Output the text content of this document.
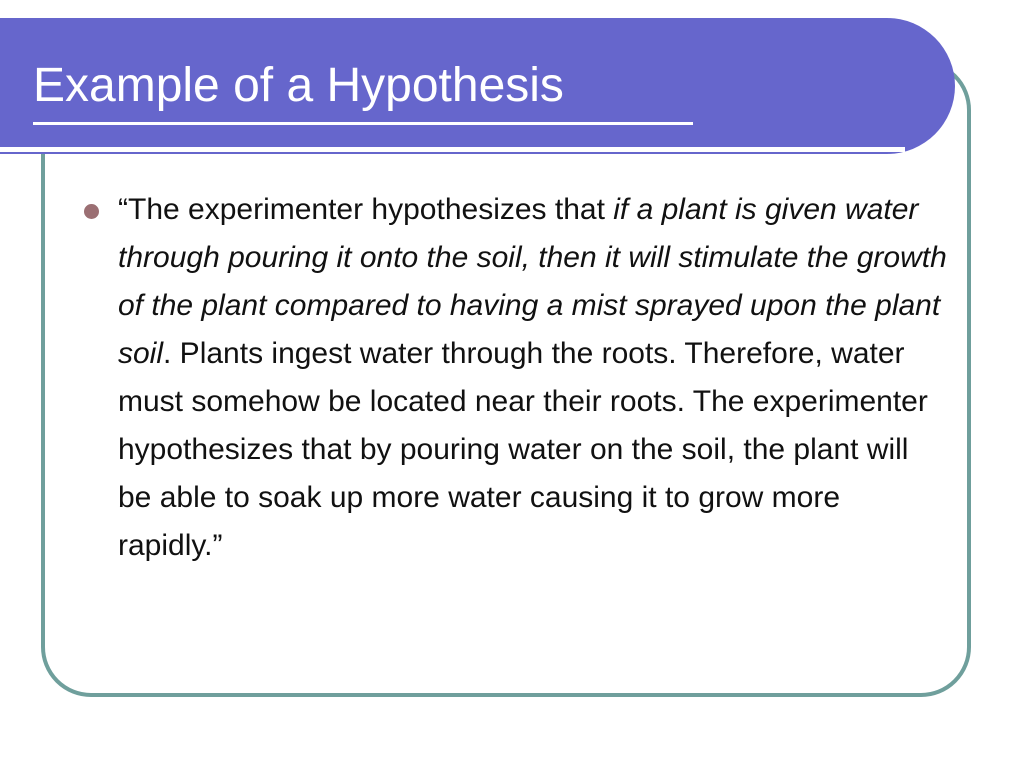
Example of a Hypothesis
“The experimenter hypothesizes that if a plant is given water through pouring it onto the soil, then it will stimulate the growth of the plant compared to having a mist sprayed upon the plant soil. Plants ingest water through the roots. Therefore, water must somehow be located near their roots. The experimenter hypothesizes that by pouring water on the soil, the plant will be able to soak up more water causing it to grow more rapidly.”
